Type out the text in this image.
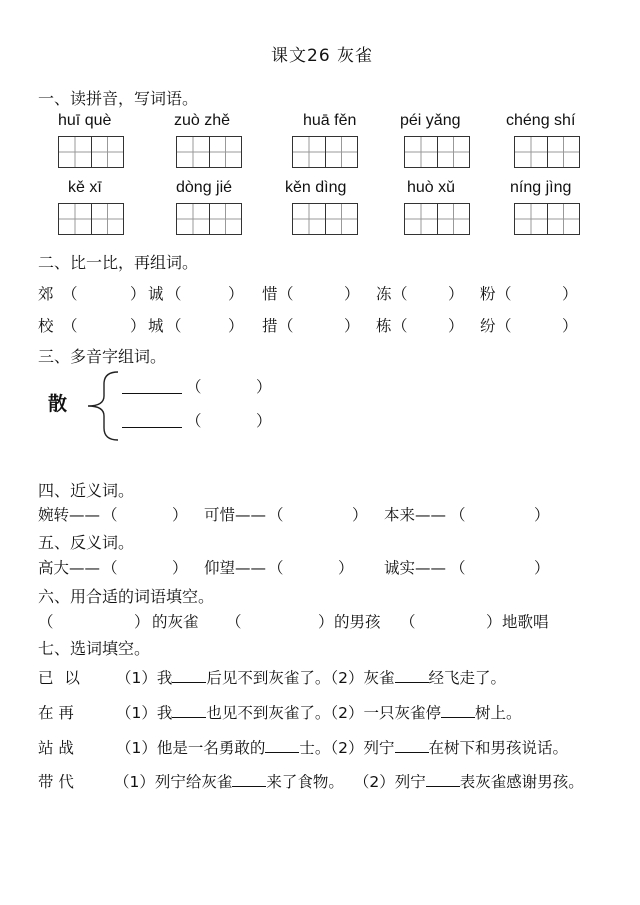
课文26 灰雀
一、读拼音，写词语。
huī què	zuò zhě	huā fěn	péi yǎng	chéng shí
kě xī	dòng jié	kěn dìng	huò xǔ	níng jìng
二、比一比，再组词。
郊 （	） 诚 （	） 惜 （	） 冻 （	） 粉 （	）
校 （	） 城 （	） 措 （	） 栋 （	） 纷 （	）
三、多音字组词。
散
（	）
（	）
四、近义词。
婉转—— （	） 可惜—— （	） 本来—— （	）
五、反义词。
高大—— （	） 仰望—— （	） 诚实—— （	）
六、用合适的词语填空。
（	） 的灰雀 （	） 的男孩 （	） 地歌唱
七、选词填空。
已 以 （1）我 后见不到灰雀了。（2）灰雀 经飞走了。
在 再	（1）我 也见不到灰雀了。（2）一只灰雀停 树上。
站 战	（1）他是一名勇敢的 士。（2）列宁 在树下和男孩说话。
带 代	（1）列宁给灰雀 来了食物。 （2）列宁 表灰雀感谢男孩。
